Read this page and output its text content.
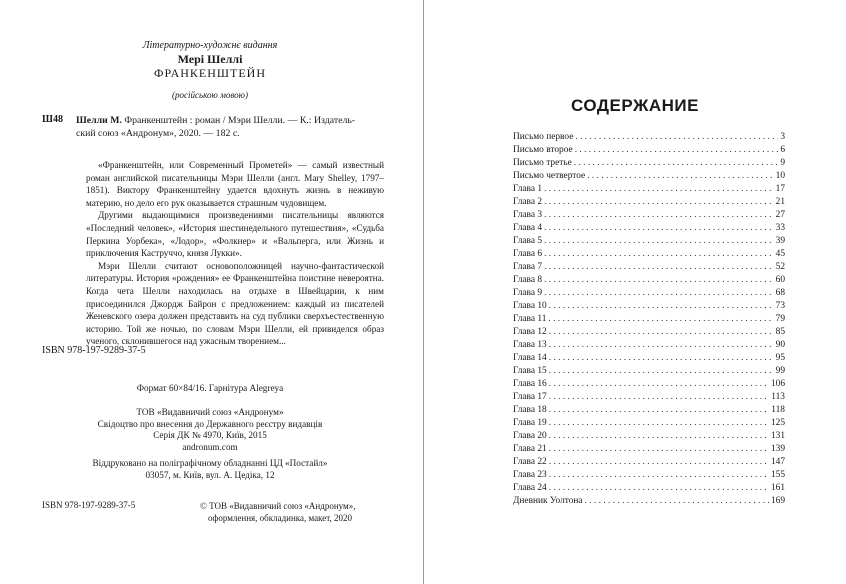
Літературно-художнє видання
Мері Шеллі
ФРАНКЕНШТЕЙН
(російською мовою)
Ш48 Шелли М. Франкенштейн : роман / Мэри Шелли. — К.: Издатель-
ский союз «Андронум», 2020. — 182 с.

«Франкенштейн, или Современный Прометей» — самый известный роман английской писательницы Мэри Шелли (англ. Mary Shelley, 1797–1851). Виктору Франкенштейну удается вдохнуть жизнь в неживую материю, но дело его рук оказывается страшным чудовищем.

Другими выдающимися произведениями писательницы являются «Последний человек», «История шестинедельного путешествия», «Судьба Перкина Уорбека», «Лодор», «Фолкнер» и «Вальперга, или Жизнь и приключения Каструччо, князя Лукки».

Мэри Шелли считают основоположницей научно-фантастической литературы. История «рождения» ее Франкенштейна поистине невероятна. Когда чета Шелли находилась на отдыхе в Швейцарии, к ним присоединился Джордж Байрон с предложением: каждый из писателей Женевского озера должен представить на суд публики сверхъестественную историю. Той же ночью, по словам Мэри Шелли, ей привиделся образ ученого, склонившегося над ужасным творением...

ISBN 978-197-9289-37-5
Формат 60×84/16. Гарнітура Alegreya
ТОВ «Видавничий союз «Андронум»
Свідоцтво про внесення до Державного реєстру видавців
Серія ДК № 4970, Київ, 2015
andronum.com
Віддруковано на поліграфічному обладнанні ЦД «Постайл»
03057, м. Київ, вул. А. Цедіка, 12
ISBN 978-197-9289-37-5	© ТОВ «Видавничий союз «Андронум»,
оформлення, обкладинка, макет, 2020
СОДЕРЖАНИЕ
Письмо первое . . .	3
Письмо второе . . .	6
Письмо третье . . .	9
Письмо четвертое . . .	10
Глава 1 . . .	17
Глава 2 . . .	21
Глава 3 . . .	27
Глава 4 . . .	33
Глава 5 . . .	39
Глава 6 . . .	45
Глава 7 . . .	52
Глава 8 . . .	60
Глава 9 . . .	68
Глава 10 . . .	73
Глава 11 . . .	79
Глава 12 . . .	85
Глава 13 . . .	90
Глава 14 . . .	95
Глава 15 . . .	99
Глава 16 . . .	106
Глава 17 . . .	113
Глава 18 . . .	118
Глава 19 . . .	125
Глава 20 . . .	131
Глава 21 . . .	139
Глава 22 . . .	147
Глава 23 . . .	155
Глава 24 . . .	161
Дневник Уолтона . . .	169
